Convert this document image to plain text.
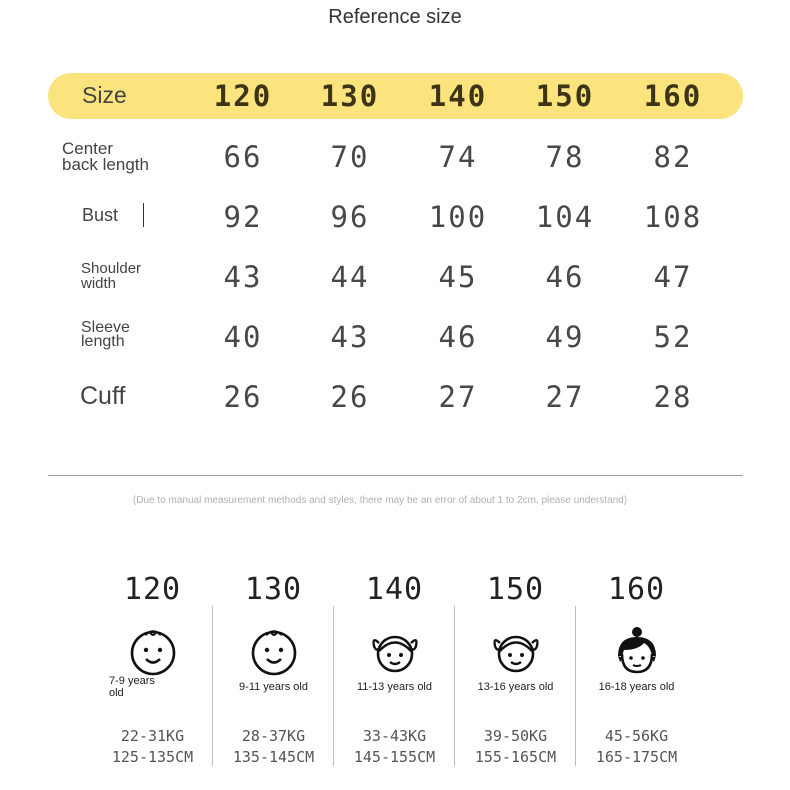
Reference size
Size	120	130	140	150	160
Center
back length	66	70	74	78	82
Bust	92	96	100	104	108
Shoulder
width	43	44	45	46	47
Sleeve
length	40	43	46	49	52
Cuff	26	26	27	27	28
(Due to manual measurement methods and styles, there may be an error of about 1 to 2cm, please understand)
120
7-9 years
old
22-31KG
125-135CM
130
9-11 years old
28-37KG
135-145CM
140
11-13 years old
33-43KG
145-155CM
150
13-16 years old
39-50KG
155-165CM
160
16-18 years old
45-56KG
165-175CM
